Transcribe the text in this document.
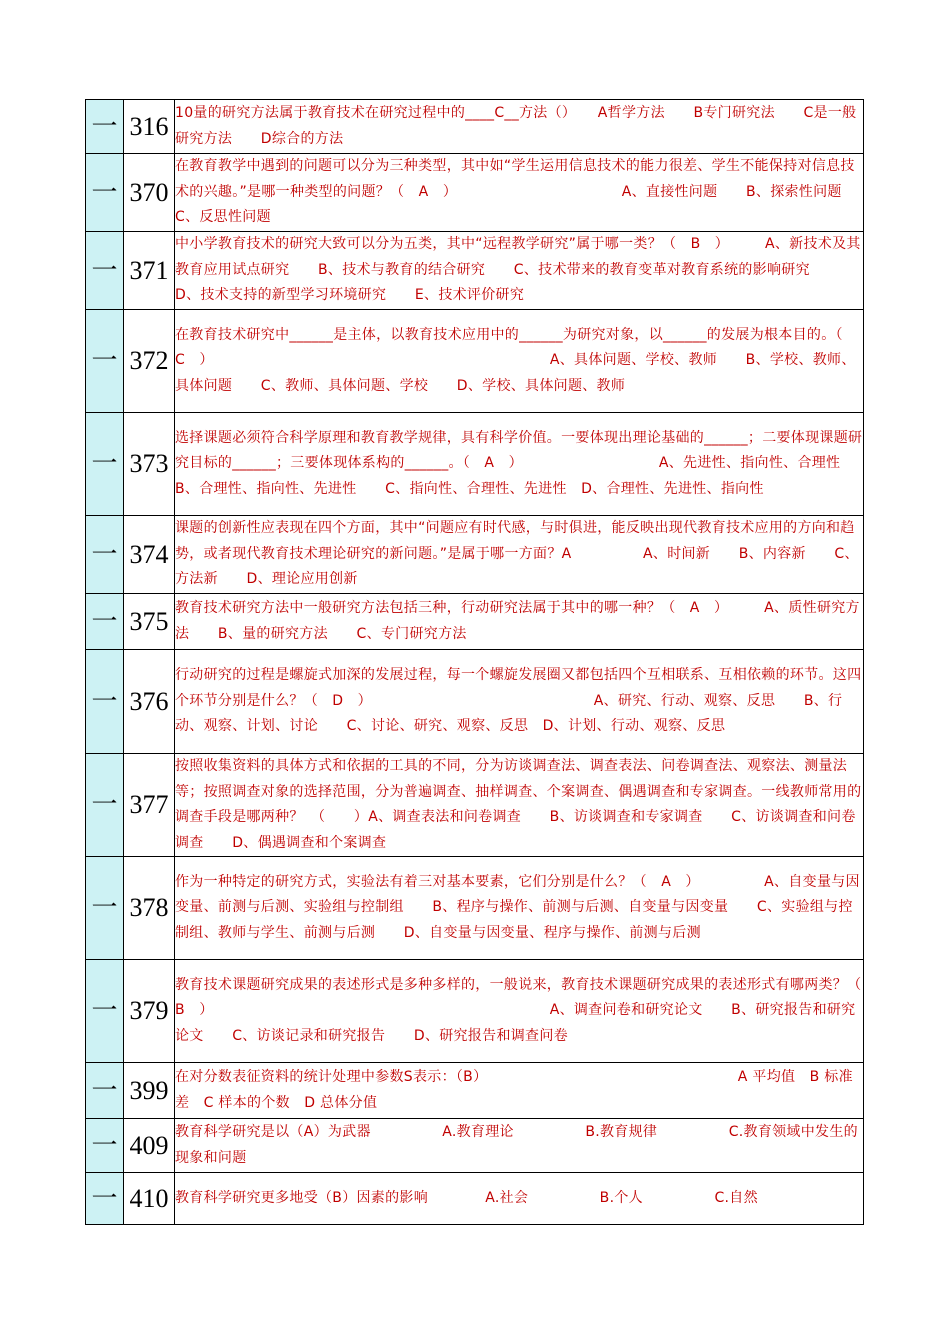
一	316	10量的研究方法属于教育技术在研究过程中的____C__方法（）　　A哲学方法　　B专门研究法　　C是一般研究方法　　D综合的方法

一	370	在教育教学中遇到的问题可以分为三种类型，其中如“学生运用信息技术的能力很差、学生不能保持对信息技术的兴趣。”是哪一种类型的问题？（　A　）　　　　　　　　　　　　A、直接性问题　　B、探索性问题　　C、反思性问题

一	371	中小学教育技术的研究大致可以分为五类，其中“远程教学研究”属于哪一类？（　B　）　　　A、新技术及其教育应用试点研究　　B、技术与教育的结合研究　　C、技术带来的教育变革对教育系统的影响研究　　D、技术支持的新型学习环境研究　　E、技术评价研究

一	372	在教育技术研究中______是主体，以教育技术应用中的______为研究对象，以______的发展为根本目的。（　C　）　　　　　　　　　　　　　　　　　　　　　　　　A、具体问题、学校、教师　　B、学校、教师、具体问题　　C、教师、具体问题、学校　　D、学校、具体问题、教师

一	373	选择课题必须符合科学原理和教育教学规律，具有科学价值。一要体现出理论基础的______；二要体现课题研究目标的______；三要体现体系构的______。（　A　）　　　　　　　　　　A、先进性、指向性、合理性　　B、合理性、指向性、先进性　　C、指向性、合理性、先进性　D、合理性、先进性、指向性

一	374	课题的创新性应表现在四个方面，其中“问题应有时代感，与时俱进，能反映出现代教育技术应用的方向和趋势，或者现代教育技术理论研究的新问题。”是属于哪一方面？A　　　　　A、时间新　　B、内容新　　C、方法新　　D、理论应用创新

一	375	教育技术研究方法中一般研究方法包括三种，行动研究法属于其中的哪一种？（　A　）　　　A、质性研究方法　　B、量的研究方法　　C、专门研究方法

一	376	行动研究的过程是螺旋式加深的发展过程，每一个螺旋发展圈又都包括四个互相联系、互相依赖的环节。这四个环节分别是什么？（　D　）　　　　　　　　　　　　　　　　A、研究、行动、观察、反思　　B、行动、观察、计划、讨论　　C、讨论、研究、观察、反思　D、计划、行动、观察、反思

一	377	按照收集资料的具体方式和依据的工具的不同，分为访谈调查法、调查表法、问卷调查法、观察法、测量法等；按照调查对象的选择范围，分为普遍调查、抽样调查、个案调查、偶遇调查和专家调查。一线教师常用的调查手段是哪两种？　（　　）A、调查表法和问卷调查　　B、访谈调查和专家调查　　C、访谈调查和问卷调查　　D、偶遇调查和个案调查

一	378	作为一种特定的研究方式，实验法有着三对基本要素，它们分别是什么？（　A　）　　　　　A、自变量与因变量、前测与后测、实验组与控制组　　B、程序与操作、前测与后测、自变量与因变量　　C、实验组与控制组、教师与学生、前测与后测　　D、自变量与因变量、程序与操作、前测与后测

一	379	教育技术课题研究成果的表述形式是多种多样的，一般说来，教育技术课题研究成果的表述形式有哪两类？（　B　）　　　　　　　　　　　　　　　　　　　　　　　　A、调查问卷和研究论文　　B、研究报告和研究论文　　C、访谈记录和研究报告　　D、研究报告和调查问卷

一	399	在对分数表征资料的统计处理中参数S表示：（B）　　　　　　　　　　　　　　　　　　A 平均值　B 标准差　C 样本的个数　D 总体分值

一	409	教育科学研究是以（A）为武器　　　　　A.教育理论　　　　　B.教育规律　　　　　C.教育领域中发生的现象和问题

一	410	教育科学研究更多地受（B）因素的影响　　　　A.社会　　　　　B.个人　　　　　C.自然
